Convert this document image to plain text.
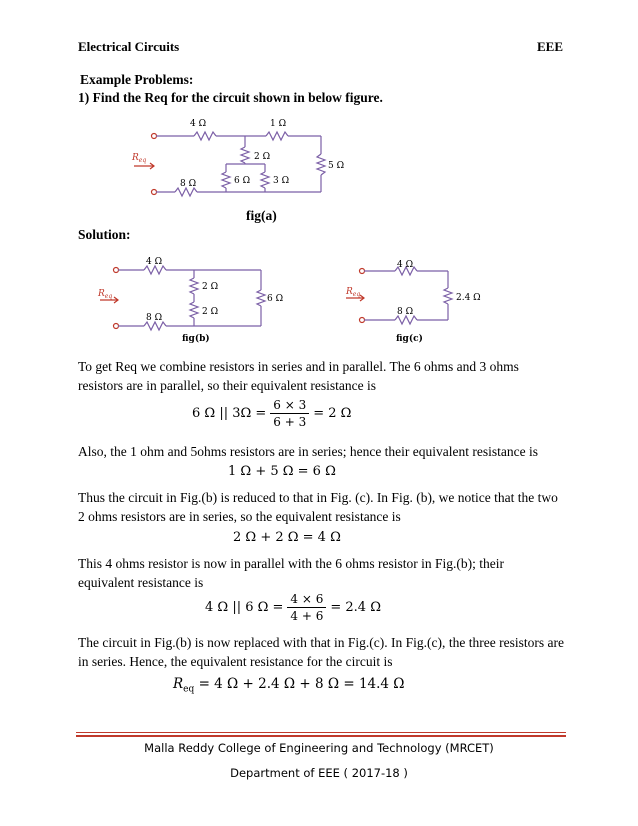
Electrical Circuits	EEE
Example Problems:
1) Find the Req for the circuit shown in below figure.
4 Ω	1 Ω
2 Ω
5 Ω
6 Ω	3 Ω
8 Ω
$R_{eq}$
fig(a)
Solution:
4 Ω
2 Ω
2 Ω
6 Ω
8 Ω
$R_{eq}$
fig(b)
4 Ω
2.4 Ω
8 Ω
$R_{eq}$
fig(c)
To get Req we combine resistors in series and in parallel. The 6 ohms and 3 ohms resistors are in parallel, so their equivalent resistance is
6 Ω || $3\Omega = \frac{6 \times 3}{6 + 3} = 2$ Ω
Also, the 1 ohm and 5ohms resistors are in series; hence their equivalent resistance is
1 Ω + 5 Ω = 6 Ω
Thus the circuit in Fig.(b) is reduced to that in Fig. (c). In Fig. (b), we notice that the two 2 ohms resistors are in series, so the equivalent resistance is
2 Ω + 2 Ω = 4 Ω
This 4 ohms resistor is now in parallel with the 6 ohms resistor in Fig.(b); their equivalent resistance is
4 Ω || 6 $\Omega = \frac{4 \times 6}{4 + 6} = 2.4$ Ω
The circuit in Fig.(b) is now replaced with that in Fig.(c). In Fig.(c), the three resistors are in series. Hence, the equivalent resistance for the circuit is
$R_{eq} = 4$ Ω + 2.4 Ω + 8 Ω = 14.4 Ω
Malla Reddy College of Engineering and Technology (MRCET)
Department of EEE ( 2017-18 )
